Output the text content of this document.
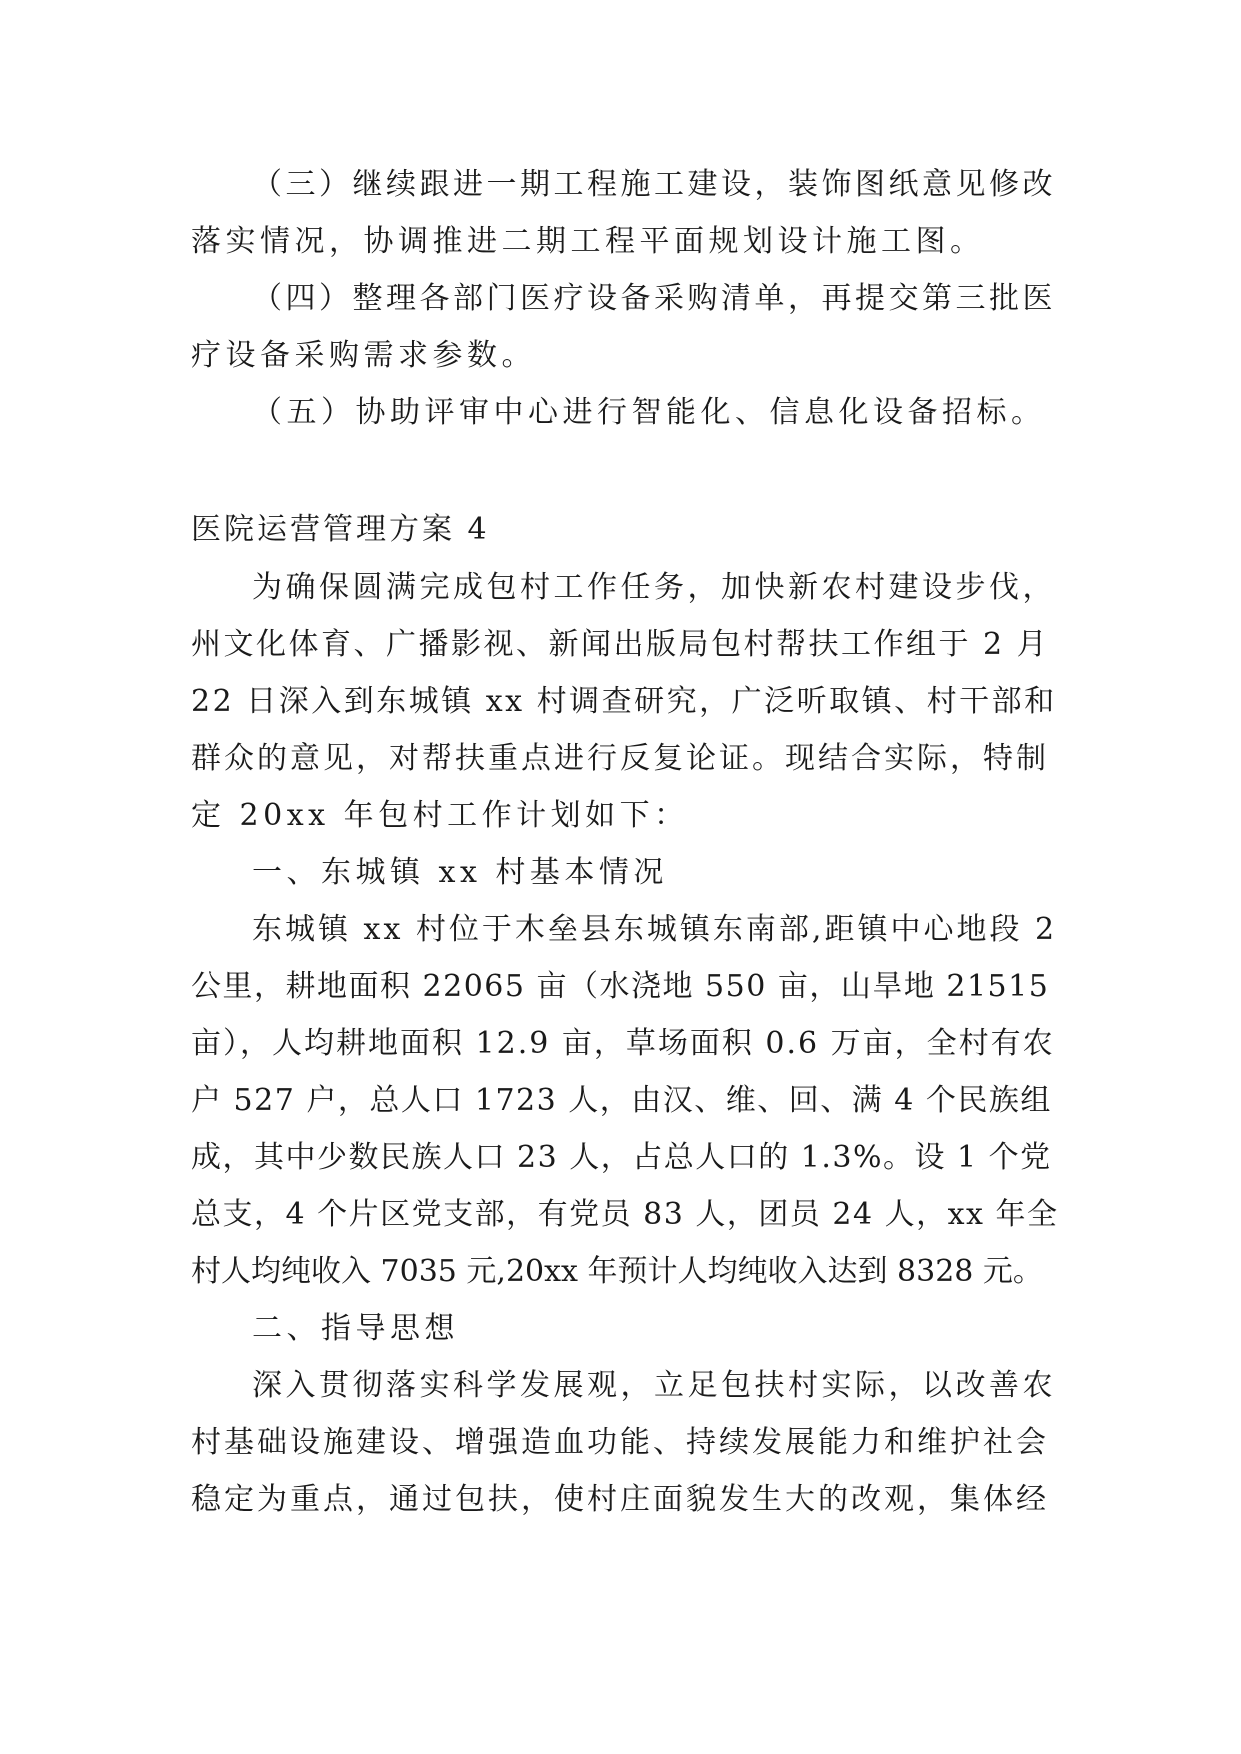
（三）继续跟进一期工程施工建设，装饰图纸意见修改

落实情况，协调推进二期工程平面规划设计施工图。

（四）整理各部门医疗设备采购清单，再提交第三批医

疗设备采购需求参数。

（五）协助评审中心进行智能化、信息化设备招标。

医院运营管理方案 4

为确保圆满完成包村工作任务，加快新农村建设步伐，

州文化体育、广播影视、新闻出版局包村帮扶工作组于 2 月

22 日深入到东城镇 xx 村调查研究，广泛听取镇、村干部和

群众的意见，对帮扶重点进行反复论证。现结合实际，特制

定 20xx 年包村工作计划如下：

一、东城镇 xx 村基本情况

东城镇 xx 村位于木垒县东城镇东南部,距镇中心地段 2

公里，耕地面积 22065 亩（水浇地 550 亩，山旱地 21515

亩），人均耕地面积 12.9 亩，草场面积 0.6 万亩，全村有农

户 527 户，总人口 1723 人，由汉、维、回、满 4 个民族组

成，其中少数民族人口 23 人，占总人口的 1.3%。设 1 个党

总支，4 个片区党支部，有党员 83 人，团员 24 人，xx 年全

村人均纯收入 7035 元,20xx 年预计人均纯收入达到 8328 元。

二、指导思想

深入贯彻落实科学发展观，立足包扶村实际，以改善农

村基础设施建设、增强造血功能、持续发展能力和维护社会

稳定为重点，通过包扶，使村庄面貌发生大的改观，集体经
